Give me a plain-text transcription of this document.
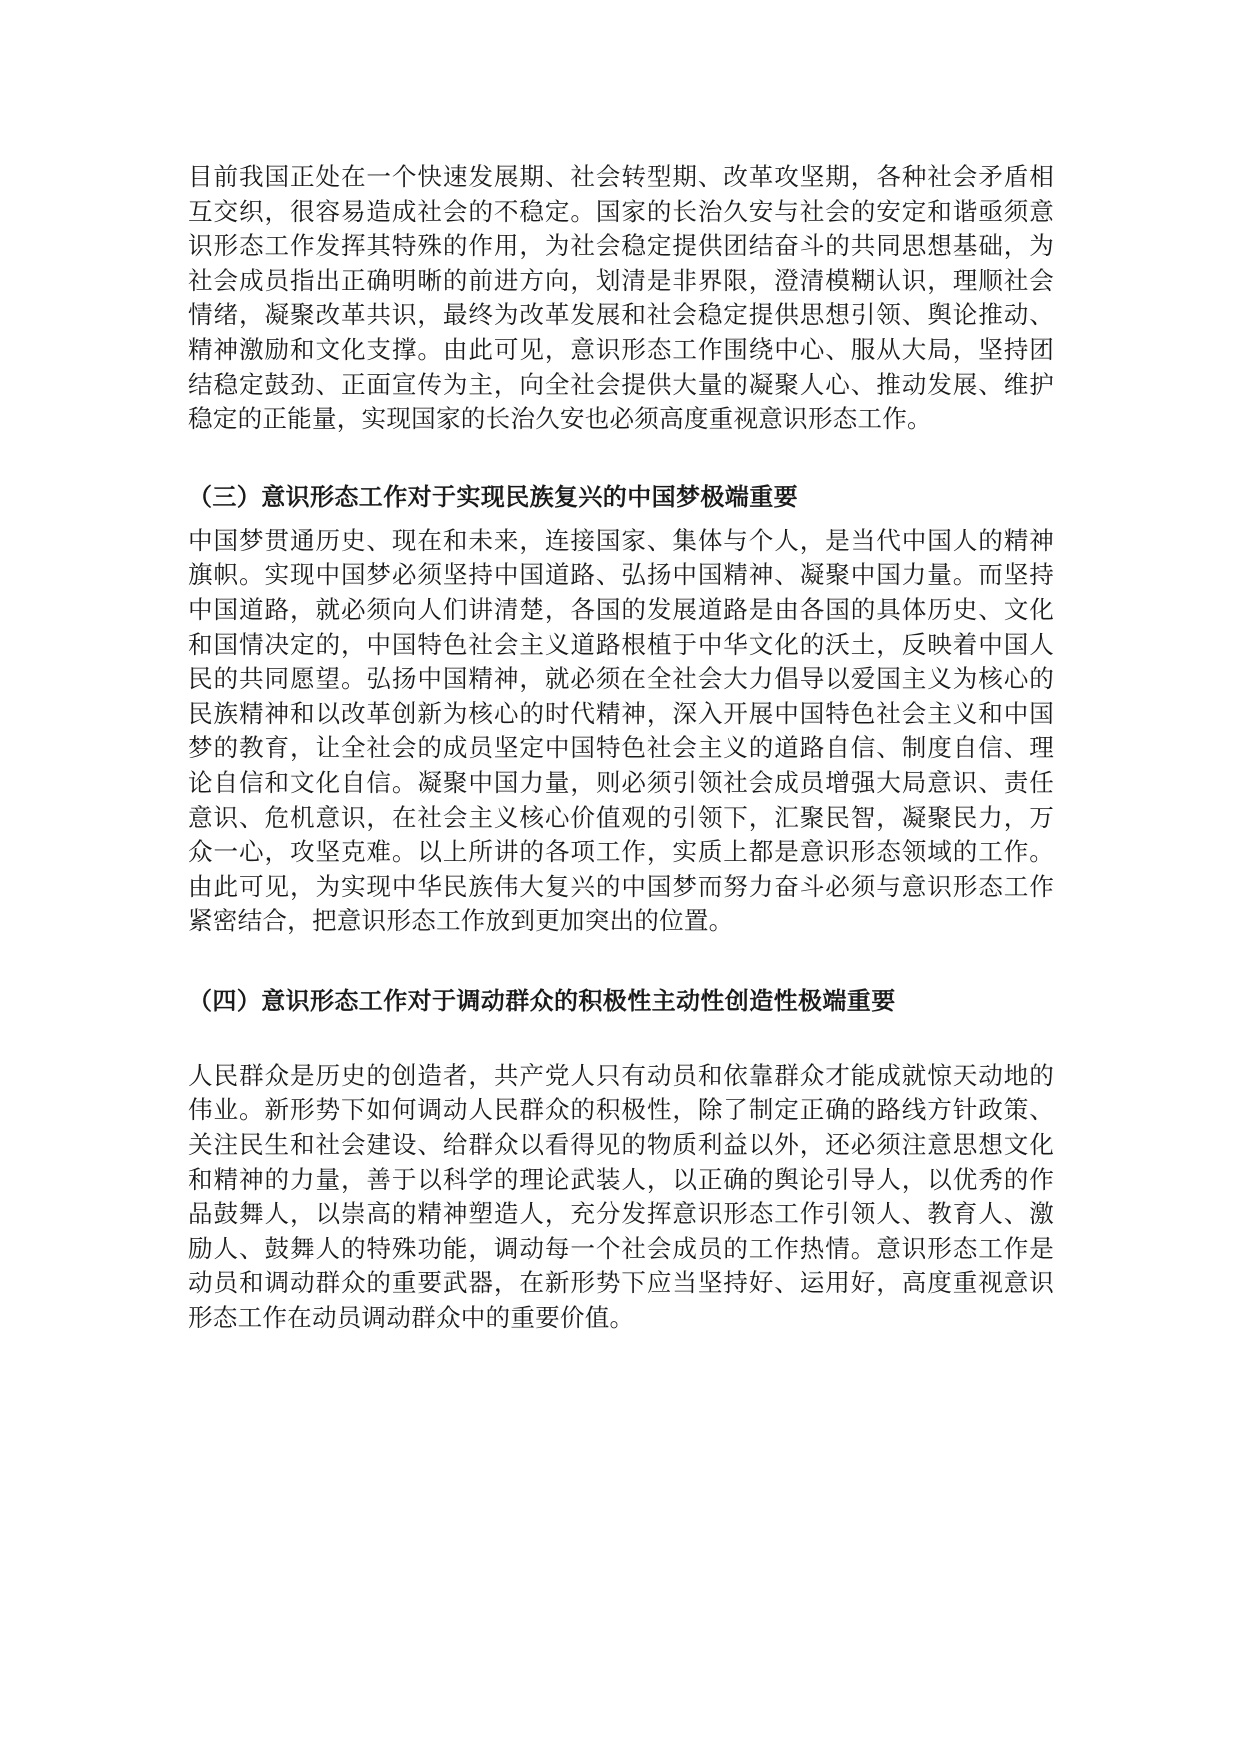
目前我国正处在一个快速发展期、社会转型期、改革攻坚期，各种社会矛盾相互交织，很容易造成社会的不稳定。国家的长治久安与社会的安定和谐亟须意识形态工作发挥其特殊的作用，为社会稳定提供团结奋斗的共同思想基础，为社会成员指出正确明晰的前进方向，划清是非界限，澄清模糊认识，理顺社会情绪，凝聚改革共识，最终为改革发展和社会稳定提供思想引领、舆论推动、精神激励和文化支撑。由此可见，意识形态工作围绕中心、服从大局，坚持团结稳定鼓劲、正面宣传为主，向全社会提供大量的凝聚人心、推动发展、维护稳定的正能量，实现国家的长治久安也必须高度重视意识形态工作。

（三）意识形态工作对于实现民族复兴的中国梦极端重要

中国梦贯通历史、现在和未来，连接国家、集体与个人，是当代中国人的精神旗帜。实现中国梦必须坚持中国道路、弘扬中国精神、凝聚中国力量。而坚持中国道路，就必须向人们讲清楚，各国的发展道路是由各国的具体历史、文化和国情决定的，中国特色社会主义道路根植于中华文化的沃土，反映着中国人民的共同愿望。弘扬中国精神，就必须在全社会大力倡导以爱国主义为核心的民族精神和以改革创新为核心的时代精神，深入开展中国特色社会主义和中国梦的教育，让全社会的成员坚定中国特色社会主义的道路自信、制度自信、理论自信和文化自信。凝聚中国力量，则必须引领社会成员增强大局意识、责任意识、危机意识，在社会主义核心价值观的引领下，汇聚民智，凝聚民力，万众一心，攻坚克难。以上所讲的各项工作，实质上都是意识形态领域的工作。由此可见，为实现中华民族伟大复兴的中国梦而努力奋斗必须与意识形态工作紧密结合，把意识形态工作放到更加突出的位置。

（四）意识形态工作对于调动群众的积极性主动性创造性极端重要

人民群众是历史的创造者，共产党人只有动员和依靠群众才能成就惊天动地的伟业。新形势下如何调动人民群众的积极性，除了制定正确的路线方针政策、关注民生和社会建设、给群众以看得见的物质利益以外，还必须注意思想文化和精神的力量，善于以科学的理论武装人，以正确的舆论引导人，以优秀的作品鼓舞人，以崇高的精神塑造人，充分发挥意识形态工作引领人、教育人、激励人、鼓舞人的特殊功能，调动每一个社会成员的工作热情。意识形态工作是动员和调动群众的重要武器，在新形势下应当坚持好、运用好，高度重视意识形态工作在动员调动群众中的重要价值。
